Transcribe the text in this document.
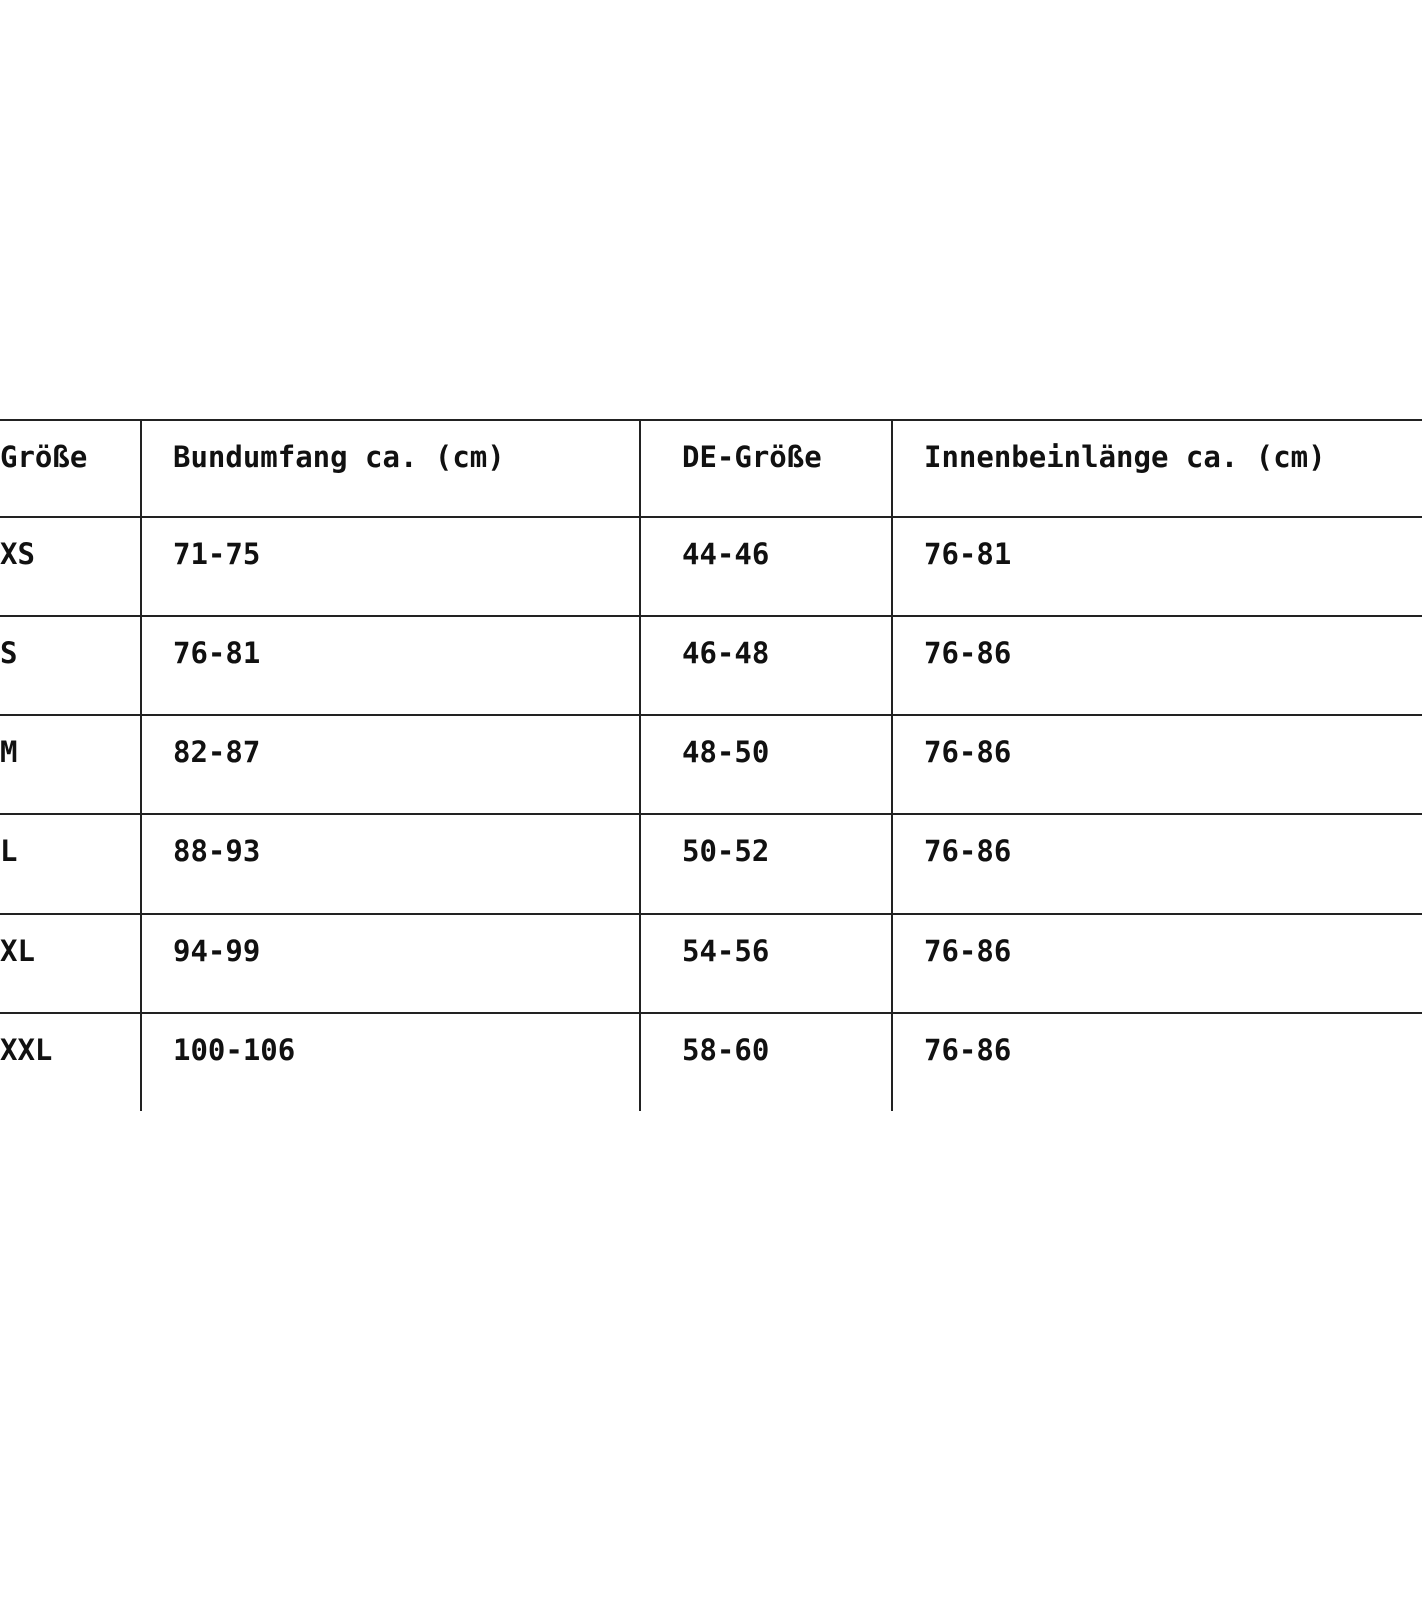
Größe	Bundumfang ca. (cm)	DE-Größe	Innenbeinlänge ca. (cm)
XS	71-75	44-46	76-81
S	76-81	46-48	76-86
M	82-87	48-50	76-86
L	88-93	50-52	76-86
XL	94-99	54-56	76-86
XXL	100-106	58-60	76-86
